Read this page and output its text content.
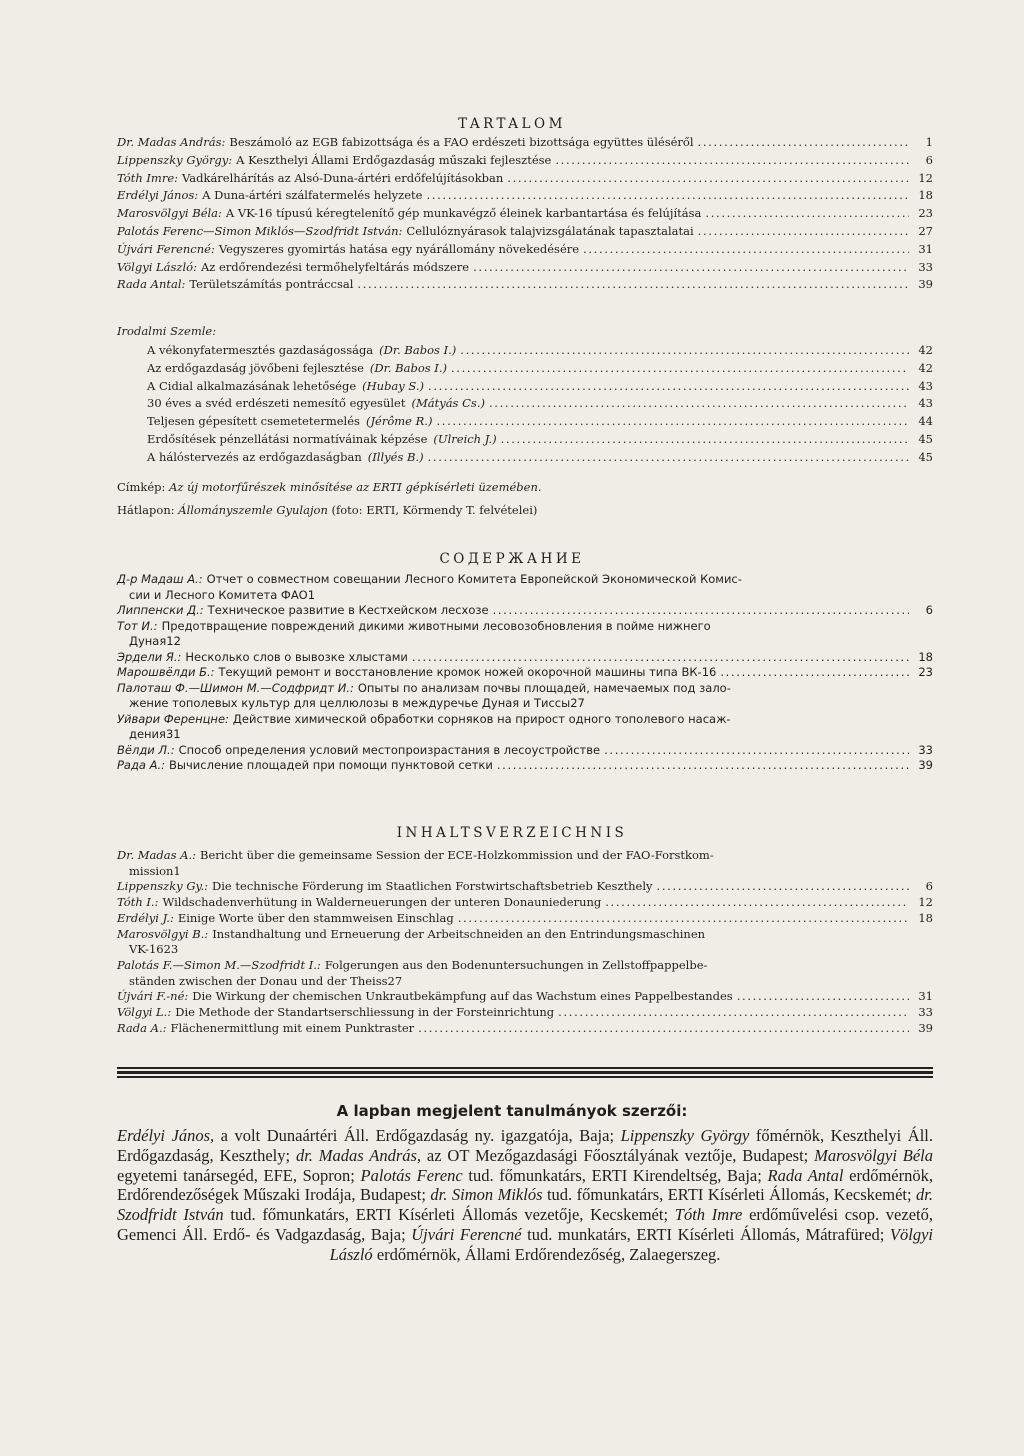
TARTALOM
Dr. Madas András: Beszámoló az EGB fabizottsága és a FAO erdészeti bizottsága együttes üléséről . . .	1
Lippenszky György: A Keszthelyi Állami Erdőgazdaság műszaki fejlesztése . . .	6
Tóth Imre: Vadkárelhárítás az Alsó-Duna-ártéri erdőfelújításokban . . .	12
Erdélyi János: A Duna-ártéri szálfatermelés helyzete . . .	18
Marosvölgyi Béla: A VK-16 típusú kéregtelenítő gép munkavégző éleinek karbantartása és felújítása . . .	23
Palotás Ferenc—Simon Miklós—Szodfridt István: Cellulóznyárasok talajvizsgálatának tapasztalatai . . .	27
Újvári Ferencné: Vegyszeres gyomirtás hatása egy nyárállomány növekedésére . . .	31
Völgyi László: Az erdőrendezési termőhelyfeltárás módszere . . .	33
Rada Antal: Területszámítás pontráccsal . . .	39
Irodalmi Szemle:
A vékonyfatermesztés gazdaságossága (Dr. Babos I.) . . .	42
Az erdőgazdaság jövőbeni fejlesztése (Dr. Babos I.) . . .	42
A Cidial alkalmazásának lehetősége (Hubay S.) . . .	43
30 éves a svéd erdészeti nemesítő egyesület (Mátyás Cs.) . . .	43
Teljesen gépesített csemetetermelés (Jérôme R.) . . .	44
Erdősítések pénzellátási normatíváinak képzése (Ulreich J.) . . .	45
A hálóstervezés az erdőgazdaságban (Illyés B.) . . .	45
Címkép: Az új motorfűrészek minősítése az ERTI gépkísérleti üzemében.
Hátlapon: Állományszemle Gyulajon (foto: ERTI, Körmendy T. felvételei)
СОДЕРЖАНИЕ
Д-р Мадаш А.: Отчет о совместном совещании Лесного Комитета Европейской Экономической Комис-
сии и Лесного Комитета ФАО 1
Липпенски Д.: Техническое развитие в Кестхейском лесхозе . . .	6
Тот И.: Предотвращение повреждений дикими животными лесовозобновления в пойме нижнего
Дуная 12
Эрдели Я.: Несколько слов о вывозке хлыстами . . .	18
Марошвёлди Б.: Текущий ремонт и восстановление кромок ножей окорочной машины типа ВК-16 . . .	23
Палоташ Ф.—Шимон М.—Содфридт И.: Опыты по анализам почвы площадей, намечаемых под зало-
жение тополевых культур для целлюлозы в междуречье Дуная и Тиссы 27
Уйвари Ференцне: Действие химической обработки сорняков на прирост одного тополевого насаж-
дения 31
Вёлди Л.: Способ определения условий местопроизрастания в лесоустройстве . . .	33
Рада А.: Вычисление площадей при помощи пунктовой сетки . . .	39
INHALTSVERZEICHNIS
Dr. Madas A.: Bericht über die gemeinsame Session der ECE-Holzkommission und der FAO-Forstkom-
mission 1
Lippenszky Gy.: Die technische Förderung im Staatlichen Forstwirtschaftsbetrieb Keszthely . . .	6
Tóth I.: Wildschadenverhütung in Walderneuerungen der unteren Donauniederung . . .	12
Erdélyi J.: Einige Worte über den stammweisen Einschlag . . .	18
Marosvölgyi B.: Instandhaltung und Erneuerung der Arbeitschneiden an den Entrindungsmaschinen
VK-16 23
Palotás F.—Simon M.—Szodfridt I.: Folgerungen aus den Bodenuntersuchungen in Zellstoffpappelbe-
ständen zwischen der Donau und der Theiss 27
Újvári F.-né: Die Wirkung der chemischen Unkrautbekämpfung auf das Wachstum eines Pappelbestandes . . .	31
Völgyi L.: Die Methode der Standartserschliessung in der Forsteinrichtung . . .	33
Rada A.: Flächenermittlung mit einem Punktraster . . .	39
A lapban megjelent tanulmányok szerzői:
Erdélyi János, a volt Dunaártéri Áll. Erdőgazdaság ny. igazgatója, Baja; Lippenszky György főmérnök, Keszthelyi Áll. Erdőgazdaság, Keszthely; dr. Madas András, az OT Mezőgazdasági Főosztályának veztője, Budapest; Marosvölgyi Béla egyetemi tanársegéd, EFE, Sopron; Palotás Ferenc tud. főmunkatárs, ERTI Kirendeltség, Baja; Rada Antal erdőmérnök, Erdőrendezőségek Műszaki Irodája, Budapest; dr. Simon Miklós tud. főmunkatárs, ERTI Kísérleti Állomás, Kecskemét; dr. Szodfridt István tud. főmunkatárs, ERTI Kísérleti Állomás vezetője, Kecskemét; Tóth Imre erdőművelési csop. vezető, Gemenci Áll. Erdő- és Vadgazdaság, Baja; Újvári Ferencné tud. munkatárs, ERTI Kísérleti Állomás, Mátrafüred; Völgyi László erdőmérnök, Állami Erdőrendezőség, Zalaegerszeg.
